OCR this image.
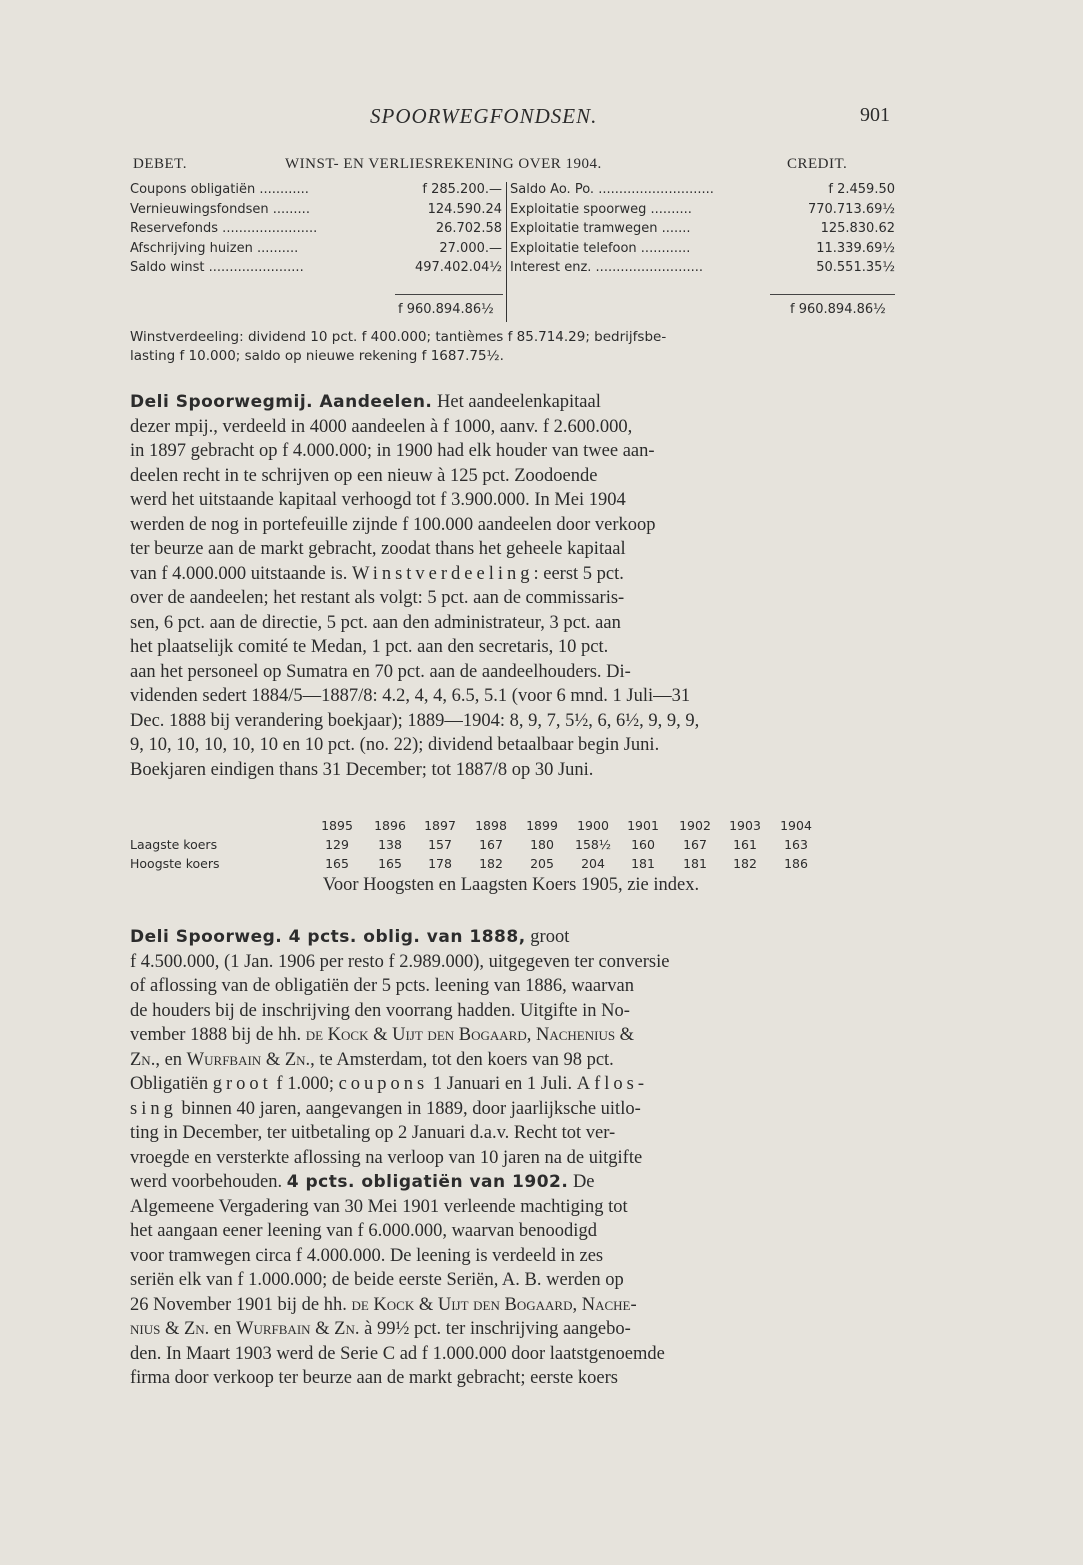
SPOORWEGFONDSEN.	901
DEBET.	WINST- EN VERLIESREKENING OVER 1904.	CREDIT.
Coupons obligatiën ............	f 285.200.—
Vernieuwingsfondsen .........	124.590.24
Reservefonds .......................	26.702.58
Afschrijving huizen ..........	27.000.—
Saldo winst .......................	497.402.04½
Saldo Ao. Po. ............................	f 2.459.50
Exploitatie spoorweg ..........	770.713.69½
Exploitatie tramwegen .......	125.830.62
Exploitatie telefoon ............	11.339.69½
Interest enz. ..........................	50.551.35½
f 960.894.86½	f 960.894.86½

Winstverdeeling: dividend 10 pct. f 400.000; tantièmes f 85.714.29; bedrijfsbe-

lasting f 10.000; saldo op nieuwe rekening f 1687.75½.

Deli Spoorwegmij. Aandeelen. Het aandeelenkapitaal

dezer mpij., verdeeld in 4000 aandeelen à f 1000, aanv. f 2.600.000,

in 1897 gebracht op f 4.000.000; in 1900 had elk houder van twee aan-

deelen recht in te schrijven op een nieuw à 125 pct. Zoodoende

werd het uitstaande kapitaal verhoogd tot f 3.900.000. In Mei 1904

werden de nog in portefeuille zijnde f 100.000 aandeelen door verkoop

ter beurze aan de markt gebracht, zoodat thans het geheele kapitaal

van f 4.000.000 uitstaande is. Winstverdeeling: eerst 5 pct.

over de aandeelen; het restant als volgt: 5 pct. aan de commissaris-

sen, 6 pct. aan de directie, 5 pct. aan den administrateur, 3 pct. aan

het plaatselijk comité te Medan, 1 pct. aan den secretaris, 10 pct.

aan het personeel op Sumatra en 70 pct. aan de aandeelhouders. Di-

videnden sedert 1884/5—1887/8: 4.2, 4, 4, 6.5, 5.1 (voor 6 mnd. 1 Juli—31

Dec. 1888 bij verandering boekjaar); 1889—1904: 8, 9, 7, 5½, 6, 6½, 9, 9, 9,

9, 10, 10, 10, 10, 10 en 10 pct. (no. 22); dividend betaalbaar begin Juni.

Boekjaren eindigen thans 31 December; tot 1887/8 op 30 Juni.

1895	1896	1897	1898	1899	1900	1901	1902	1903	1904
Laagste koers	129	138	157	167	180	158½	160	167	161	163
Hoogste koers	165	165	178	182	205	204	181	181	182	186
Voor Hoogsten en Laagsten Koers 1905, zie index.

Deli Spoorweg. 4 pcts. oblig. van 1888, groot

f 4.500.000, (1 Jan. 1906 per resto f 2.989.000), uitgegeven ter conversie

of aflossing van de obligatiën der 5 pcts. leening van 1886, waarvan

de houders bij de inschrijving den voorrang hadden. Uitgifte in No-

vember 1888 bij de hh. de Kock & Uijt den Bogaard, Nachenius &

Zn., en Wurfbain & Zn., te Amsterdam, tot den koers van 98 pct.

Obligatiën groot f 1.000; coupons 1 Januari en 1 Juli. Aflos-

sing binnen 40 jaren, aangevangen in 1889, door jaarlijksche uitlo-

ting in December, ter uitbetaling op 2 Januari d.a.v. Recht tot ver-

vroegde en versterkte aflossing na verloop van 10 jaren na de uitgifte

werd voorbehouden. 4 pcts. obligatiën van 1902. De

Algemeene Vergadering van 30 Mei 1901 verleende machtiging tot

het aangaan eener leening van f 6.000.000, waarvan benoodigd

voor tramwegen circa f 4.000.000. De leening is verdeeld in zes

seriën elk van f 1.000.000; de beide eerste Seriën, A. B. werden op

26 November 1901 bij de hh. de Kock & Uijt den Bogaard, Nache-

nius & Zn. en Wurfbain & Zn. à 99½ pct. ter inschrijving aangebo-

den. In Maart 1903 werd de Serie C ad f 1.000.000 door laatstgenoemde

firma door verkoop ter beurze aan de markt gebracht; eerste koers
